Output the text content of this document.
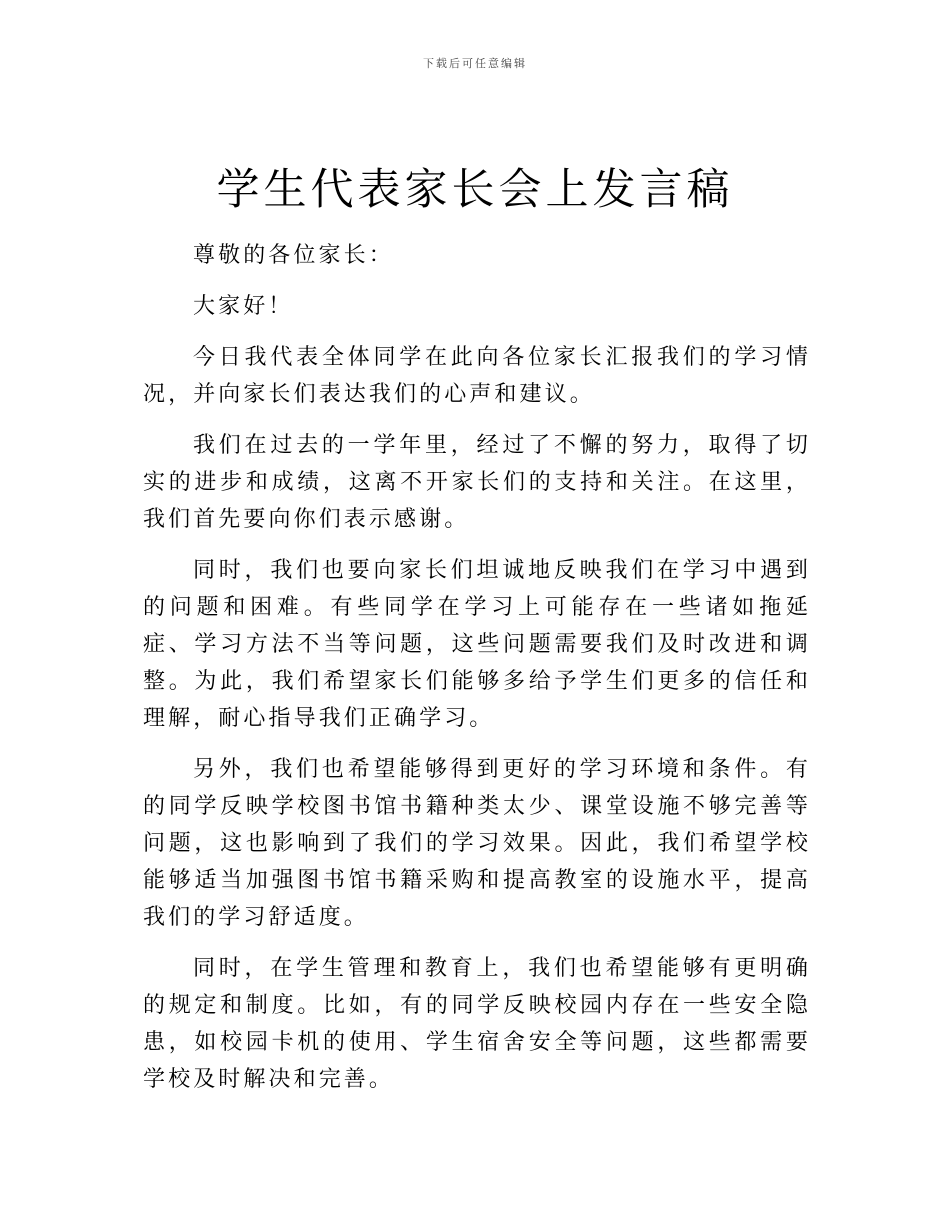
下载后可任意编辑
学生代表家长会上发言稿

尊敬的各位家长：

大家好！

今日我代表全体同学在此向各位家长汇报我们的学习情况，并向家长们表达我们的心声和建议。

我们在过去的一学年里，经过了不懈的努力，取得了切实的进步和成绩，这离不开家长们的支持和关注。在这里，我们首先要向你们表示感谢。

同时，我们也要向家长们坦诚地反映我们在学习中遇到的问题和困难。有些同学在学习上可能存在一些诸如拖延症、学习方法不当等问题，这些问题需要我们及时改进和调整。为此，我们希望家长们能够多给予学生们更多的信任和理解，耐心指导我们正确学习。

另外，我们也希望能够得到更好的学习环境和条件。有的同学反映学校图书馆书籍种类太少、课堂设施不够完善等问题，这也影响到了我们的学习效果。因此，我们希望学校能够适当加强图书馆书籍采购和提高教室的设施水平，提高我们的学习舒适度。

同时，在学生管理和教育上，我们也希望能够有更明确的规定和制度。比如，有的同学反映校园内存在一些安全隐患，如校园卡机的使用、学生宿舍安全等问题，这些都需要学校及时解决和完善。
